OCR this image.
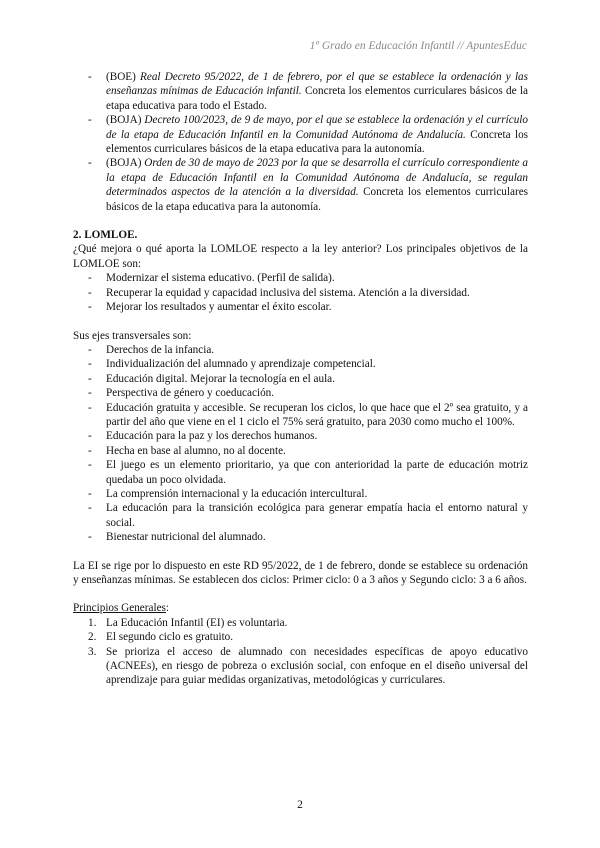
1º Grado en Educación Infantil // ApuntesEduc
- (BOE) Real Decreto 95/2022, de 1 de febrero, por el que se establece la ordenación y las enseñanzas mínimas de Educación infantil. Concreta los elementos curriculares básicos de la etapa educativa para todo el Estado.
- (BOJA) Decreto 100/2023, de 9 de mayo, por el que se establece la ordenación y el currículo de la etapa de Educación Infantil en la Comunidad Autónoma de Andalucía. Concreta los elementos curriculares básicos de la etapa educativa para la autonomía.
- (BOJA) Orden de 30 de mayo de 2023 por la que se desarrolla el currículo correspondiente a la etapa de Educación Infantil en la Comunidad Autónoma de Andalucía, se regulan determinados aspectos de la atención a la diversidad. Concreta los elementos curriculares básicos de la etapa educativa para la autonomía.
2. LOMLOE.

¿Qué mejora o qué aporta la LOMLOE respecto a la ley anterior? Los principales objetivos de la LOMLOE son:

- Modernizar el sistema educativo. (Perfil de salida).
- Recuperar la equidad y capacidad inclusiva del sistema. Atención a la diversidad.
- Mejorar los resultados y aumentar el éxito escolar.

Sus ejes transversales son:

- Derechos de la infancia.
- Individualización del alumnado y aprendizaje competencial.
- Educación digital. Mejorar la tecnología en el aula.
- Perspectiva de género y coeducación.
- Educación gratuita y accesible. Se recuperan los ciclos, lo que hace que el 2º sea gratuito, y a partir del año que viene en el 1 ciclo el 75% será gratuito, para 2030 como mucho el 100%.
- Educación para la paz y los derechos humanos.
- Hecha en base al alumno, no al docente.
- El juego es un elemento prioritario, ya que con anterioridad la parte de educación motriz quedaba un poco olvidada.
- La comprensión internacional y la educación intercultural.
- La educación para la transición ecológica para generar empatía hacia el entorno natural y social.
- Bienestar nutricional del alumnado.

La EI se rige por lo dispuesto en este RD 95/2022, de 1 de febrero, donde se establece su ordenación y enseñanzas mínimas. Se establecen dos ciclos: Primer ciclo: 0 a 3 años y Segundo ciclo: 3 a 6 años.

Principios Generales:

1. La Educación Infantil (EI) es voluntaria.
2. El segundo ciclo es gratuito.
3. Se prioriza el acceso de alumnado con necesidades específicas de apoyo educativo (ACNEEs), en riesgo de pobreza o exclusión social, con enfoque en el diseño universal del aprendizaje para guiar medidas organizativas, metodológicas y curriculares.
2
